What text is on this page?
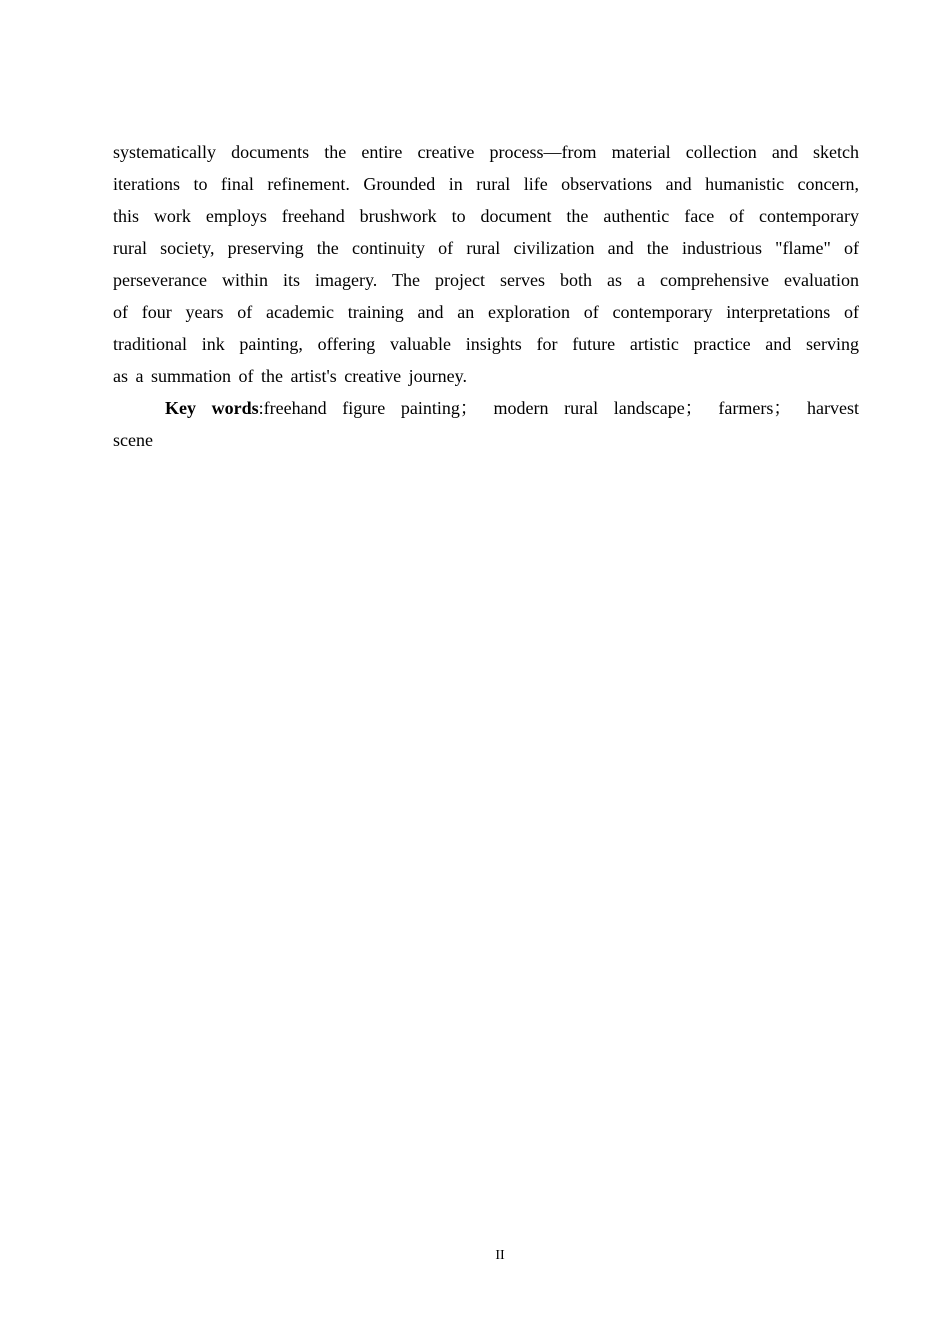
systematically documents the entire creative process—from material collection and sketch
iterations to final refinement. Grounded in rural life observations and humanistic concern,
this work employs freehand brushwork to document the authentic face of contemporary
rural society, preserving the continuity of rural civilization and the industrious "flame" of
perseverance within its imagery. The project serves both as a comprehensive evaluation
of four years of academic training and an exploration of contemporary interpretations of
traditional ink painting, offering valuable insights for future artistic practice and serving
as a summation of the artist's creative journey.
Key words:freehand figure painting； modern rural landscape； farmers； harvest
scene
II
